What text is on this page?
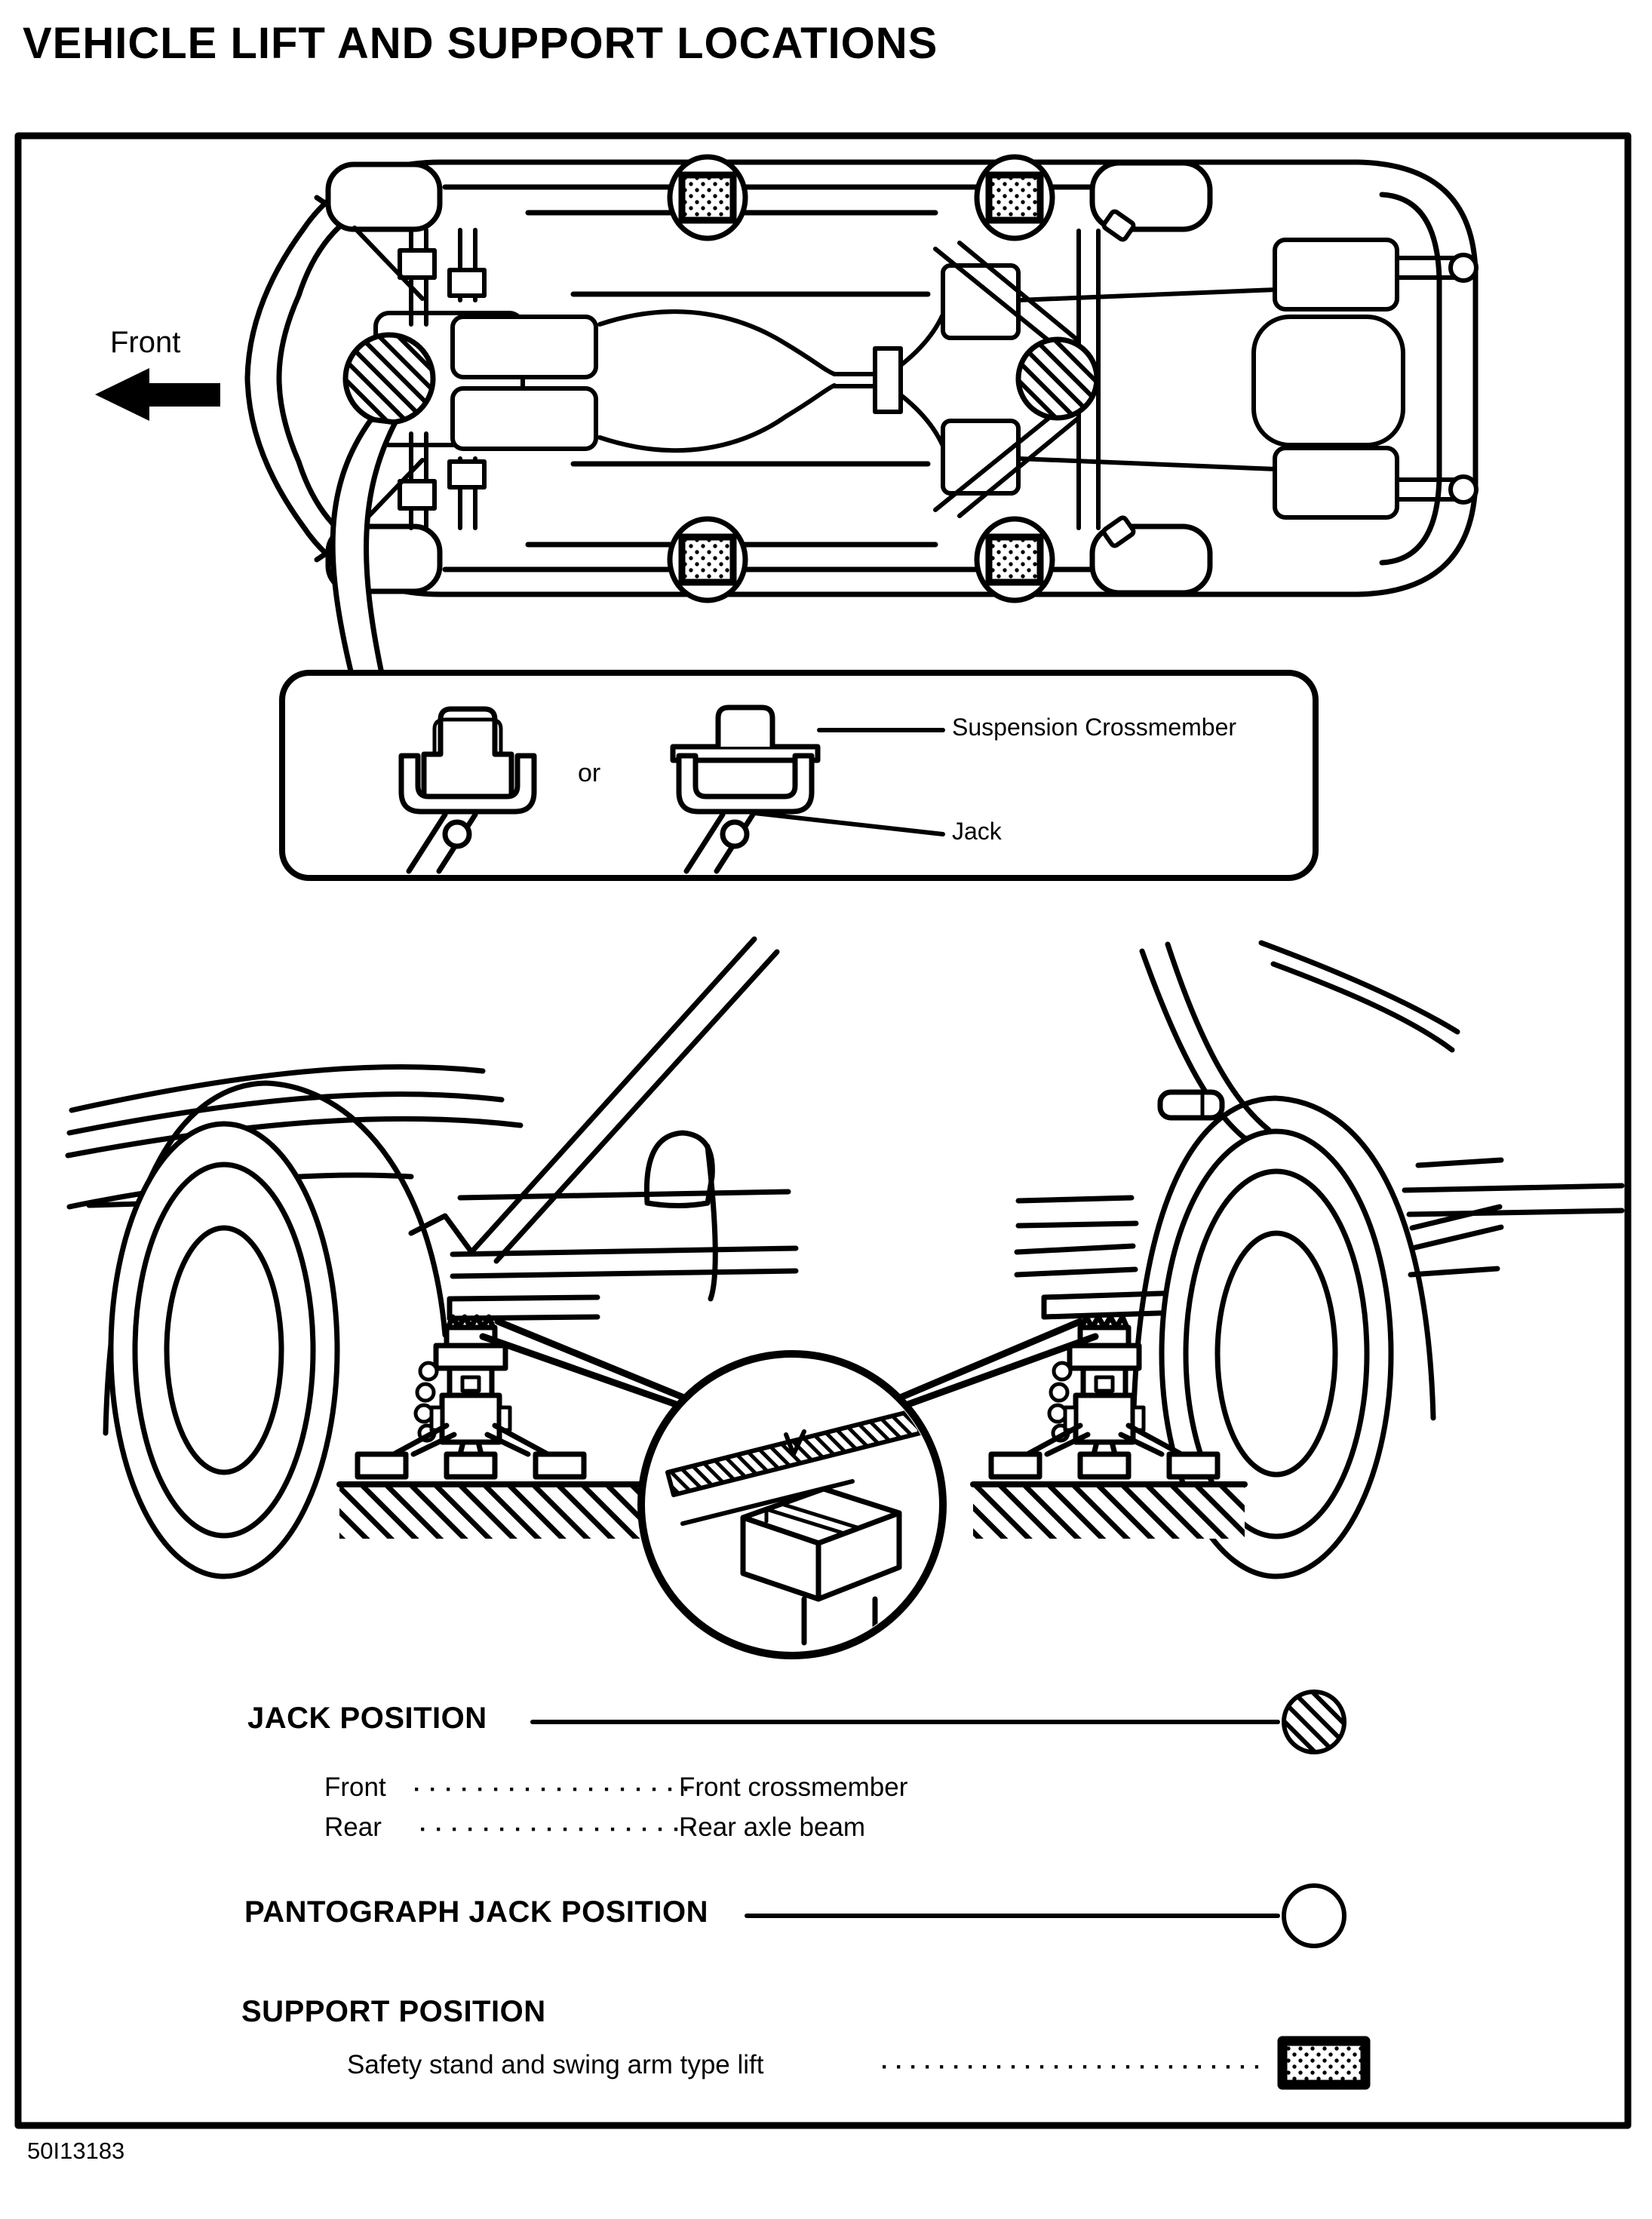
VEHICLE LIFT AND SUPPORT LOCATIONS
Front
or
Suspension Crossmember
Jack
JACK POSITION
Front ··················
Front crossmember
Rear ··················
Rear axle beam
PANTOGRAPH JACK POSITION
SUPPORT POSITION
Safety stand and swing arm type lift	···························
50I13183
